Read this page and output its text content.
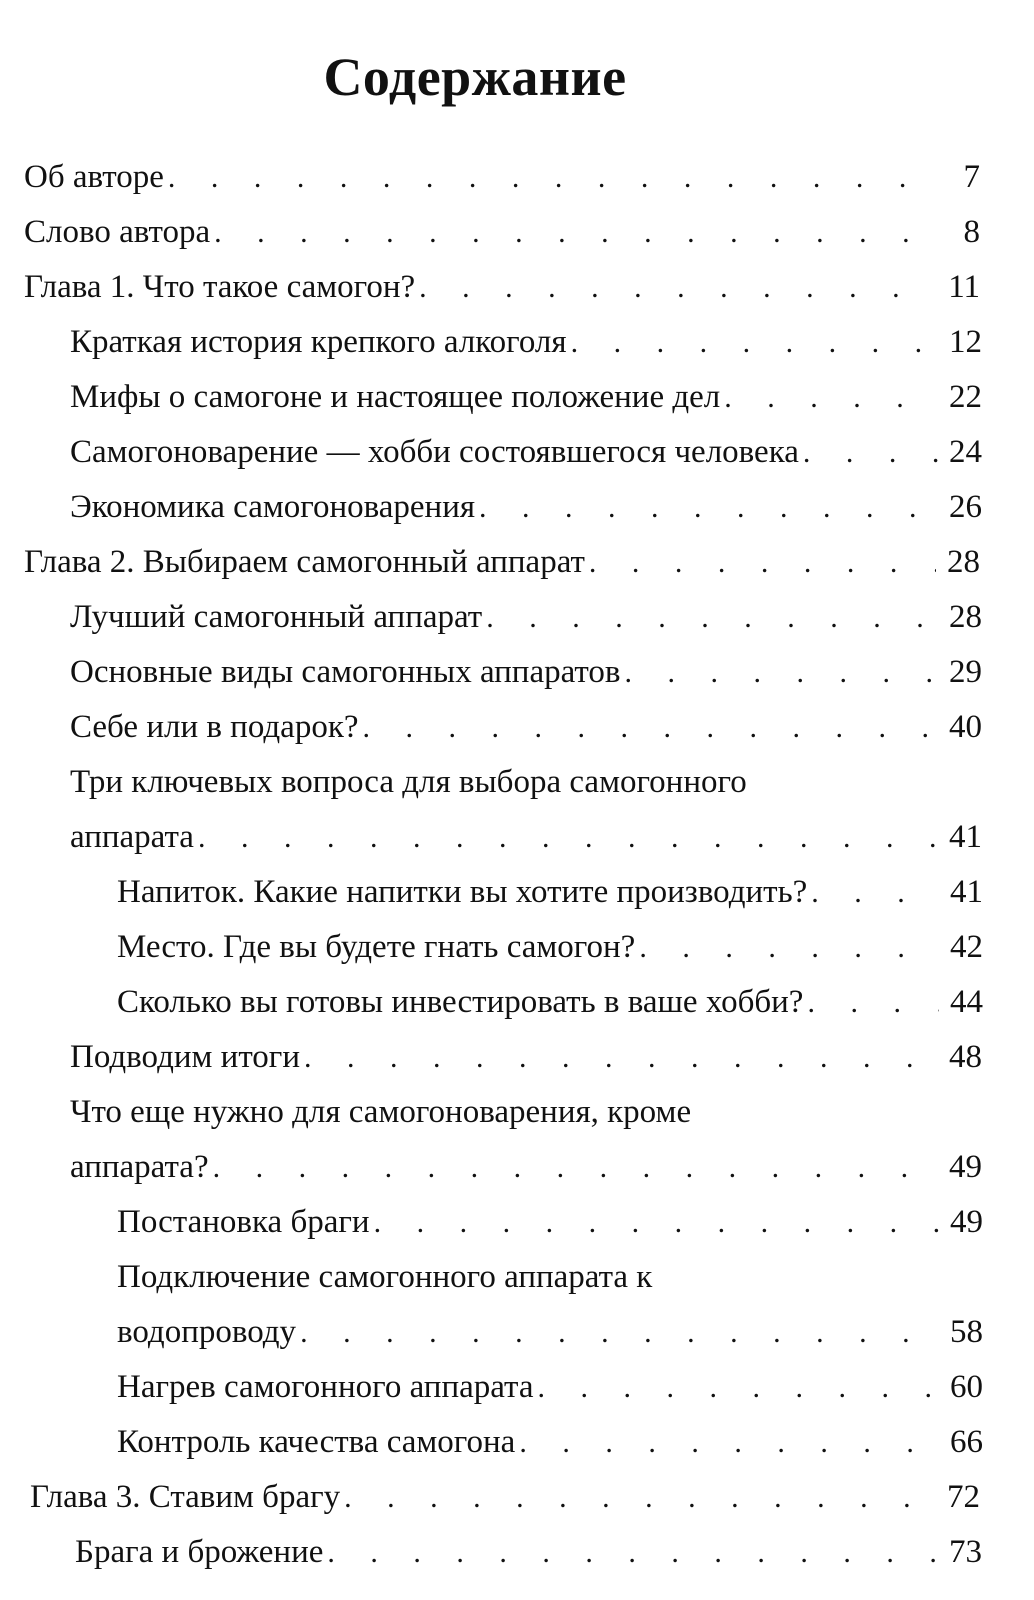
Содержание
Об авторе . . .	7
Слово автора . . .	8
Глава 1. Что такое самогон? . . .	11
Краткая история крепкого алкоголя . . .	12
Мифы о самогоне и настоящее положение дел . . .	22
Самогоноварение — хобби состоявшегося человека . . .	24
Экономика самогоноварения . . .	26
Глава 2. Выбираем самогонный аппарат . . .	28
Лучший самогонный аппарат . . .	28
Основные виды самогонных аппаратов . . .	29
Себе или в подарок? . . .	40
Три ключевых вопроса для выбора самогонного
аппарата . . .	41
Напиток. Какие напитки вы хотите производить? . . .	41
Место. Где вы будете гнать самогон? . . .	42
Сколько вы готовы инвестировать в ваше хобби? . . .	44
Подводим итоги . . .	48
Что еще нужно для самогоноварения, кроме
аппарата? . . .	49
Постановка браги . . .	49
Подключение самогонного аппарата к
водопроводу . . .	58
Нагрев самогонного аппарата . . .	60
Контроль качества самогона . . .	66
Глава 3. Ставим брагу . . .	72
Брага и брожение . . .	73
